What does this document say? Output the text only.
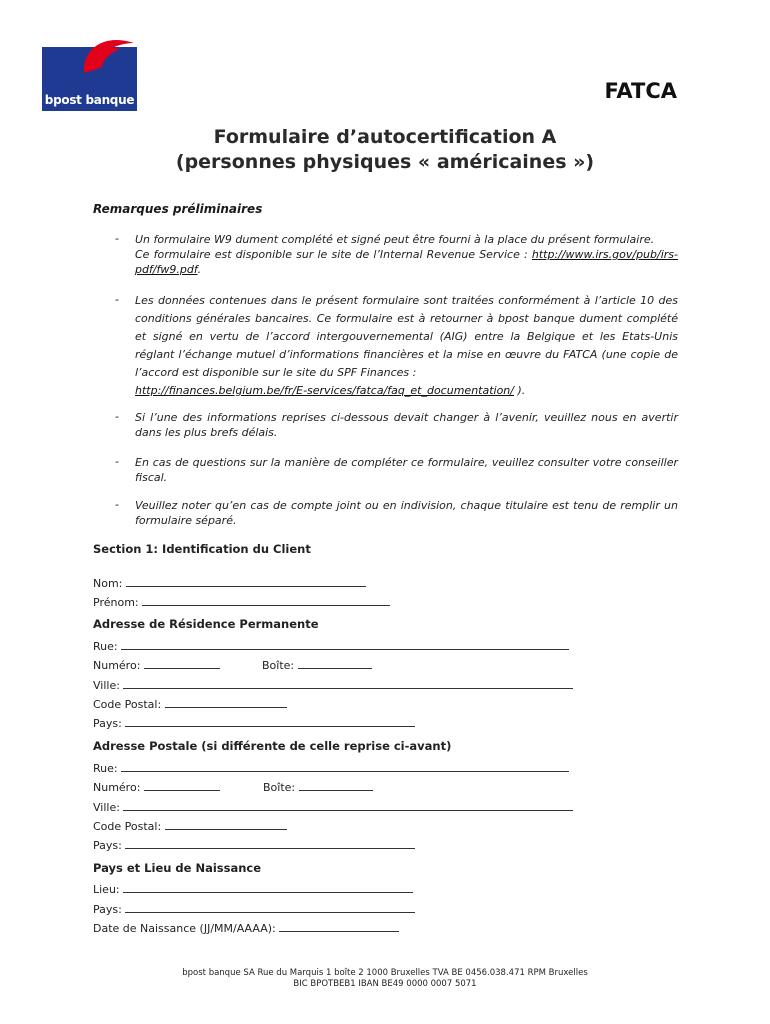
bpost banque	FATCA
Formulaire d’autocertification A
(personnes physiques « américaines »)
Remarques préliminaires
- Un formulaire W9 dument complété et signé peut être fourni à la place du présent formulaire.
Ce formulaire est disponible sur le site de l’Internal Revenue Service : http://www.irs.gov/pub/irs-pdf/fw9.pdf.
- Les données contenues dans le présent formulaire sont traitées conformément à l’article 10 des conditions générales bancaires. Ce formulaire est à retourner à bpost banque dument complété et signé en vertu de l’accord intergouvernemental (AIG) entre la Belgique et les Etats-Unis réglant l’échange mutuel d’informations financières et la mise en œuvre du FATCA (une copie de l’accord est disponible sur le site du SPF Finances :
http://finances.belgium.be/fr/E-services/fatca/faq_et_documentation/ ).
- Si l’une des informations reprises ci-dessous devait changer à l’avenir, veuillez nous en avertir dans les plus brefs délais.
- En cas de questions sur la manière de compléter ce formulaire, veuillez consulter votre conseiller fiscal.
- Veuillez noter qu’en cas de compte joint ou en indivision, chaque titulaire est tenu de remplir un formulaire séparé.
Section 1: Identification du Client
Nom:
Prénom:
Adresse de Résidence Permanente
Rue:
Numéro:	Boîte:
Ville:
Code Postal:
Pays:
Adresse Postale (si différente de celle reprise ci-avant)
Rue:
Numéro:	Boîte:
Ville:
Code Postal:
Pays:
Pays et Lieu de Naissance
Lieu:
Pays:
Date de Naissance (JJ/MM/AAAA):
bpost banque SA Rue du Marquis 1 boîte 2 1000 Bruxelles TVA BE 0456.038.471 RPM Bruxelles
BIC BPOTBEB1 IBAN BE49 0000 0007 5071
